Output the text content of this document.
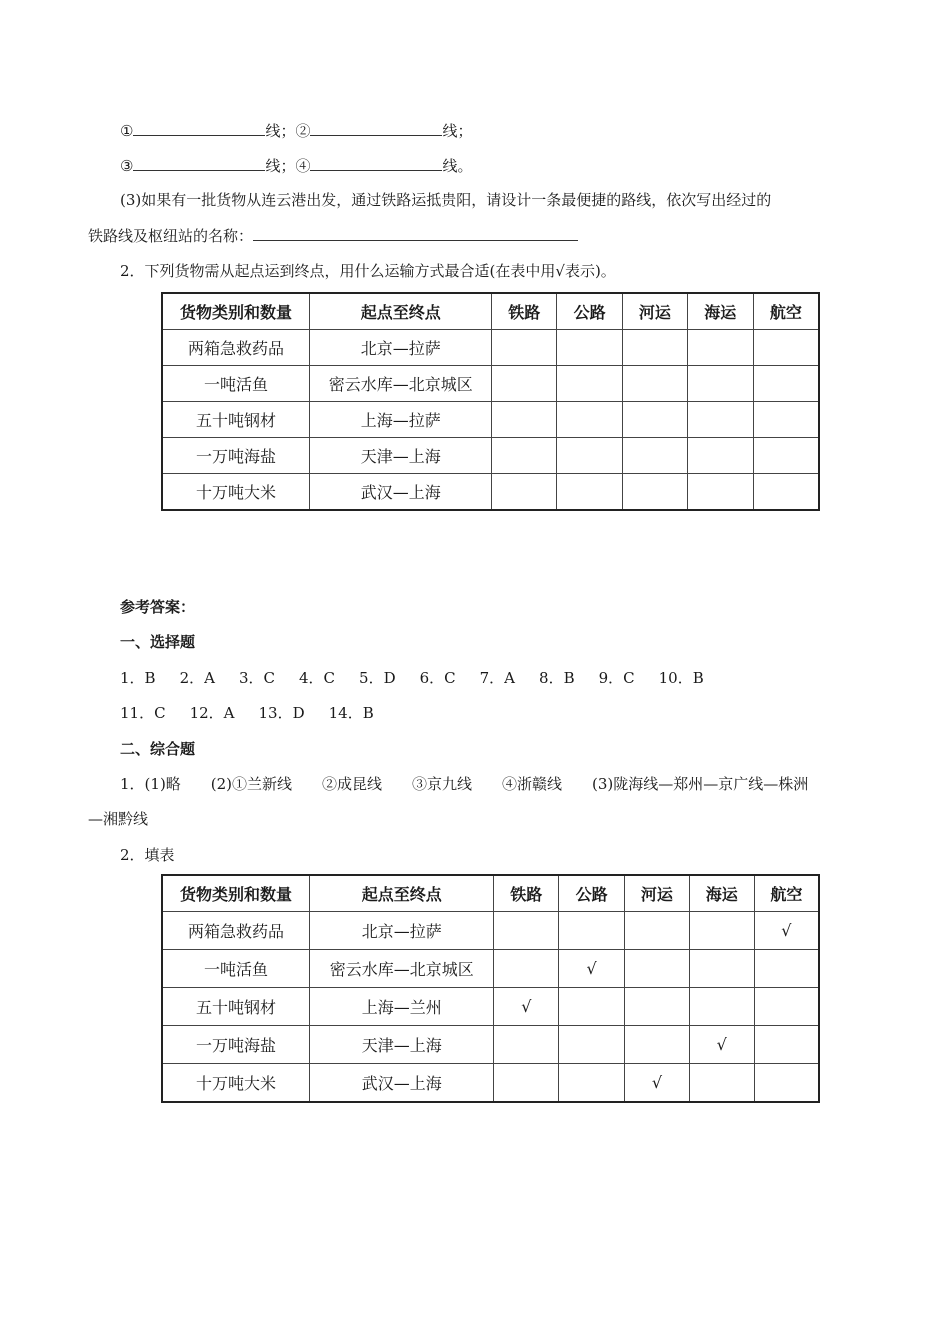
①	线；②	线；
③	线；④	线。
(3)如果有一批货物从连云港出发，通过铁路运抵贵阳，请设计一条最便捷的路线，依次写出经过的
铁路线及枢纽站的名称：
2．下列货物需从起点运到终点，用什么运输方式最合适(在表中用√表示)。
货物类别和数量	起点至终点	铁路	公路	河运	海运	航空
两箱急救药品	北京—拉萨					
一吨活鱼	密云水库—北京城区					
五十吨钢材	上海—拉萨					
一万吨海盐	天津—上海					
十万吨大米	武汉—上海					
参考答案：
一、选择题
1．B 2．A 3．C 4．C 5．D 6．C 7．A 8．B 9．C 10．B
11．C 12．A 13．D 14．B
二、综合题
1．(1)略　　(2)①兰新线　　②成昆线　　③京九线　　④浙赣线　　(3)陇海线—郑州—京广线—株洲
—湘黔线
2．填表
货物类别和数量	起点至终点	铁路	公路	河运	海运	航空
两箱急救药品	北京—拉萨					√
一吨活鱼	密云水库—北京城区		√			
五十吨钢材	上海—兰州	√				
一万吨海盐	天津—上海				√	
十万吨大米	武汉—上海			√		
